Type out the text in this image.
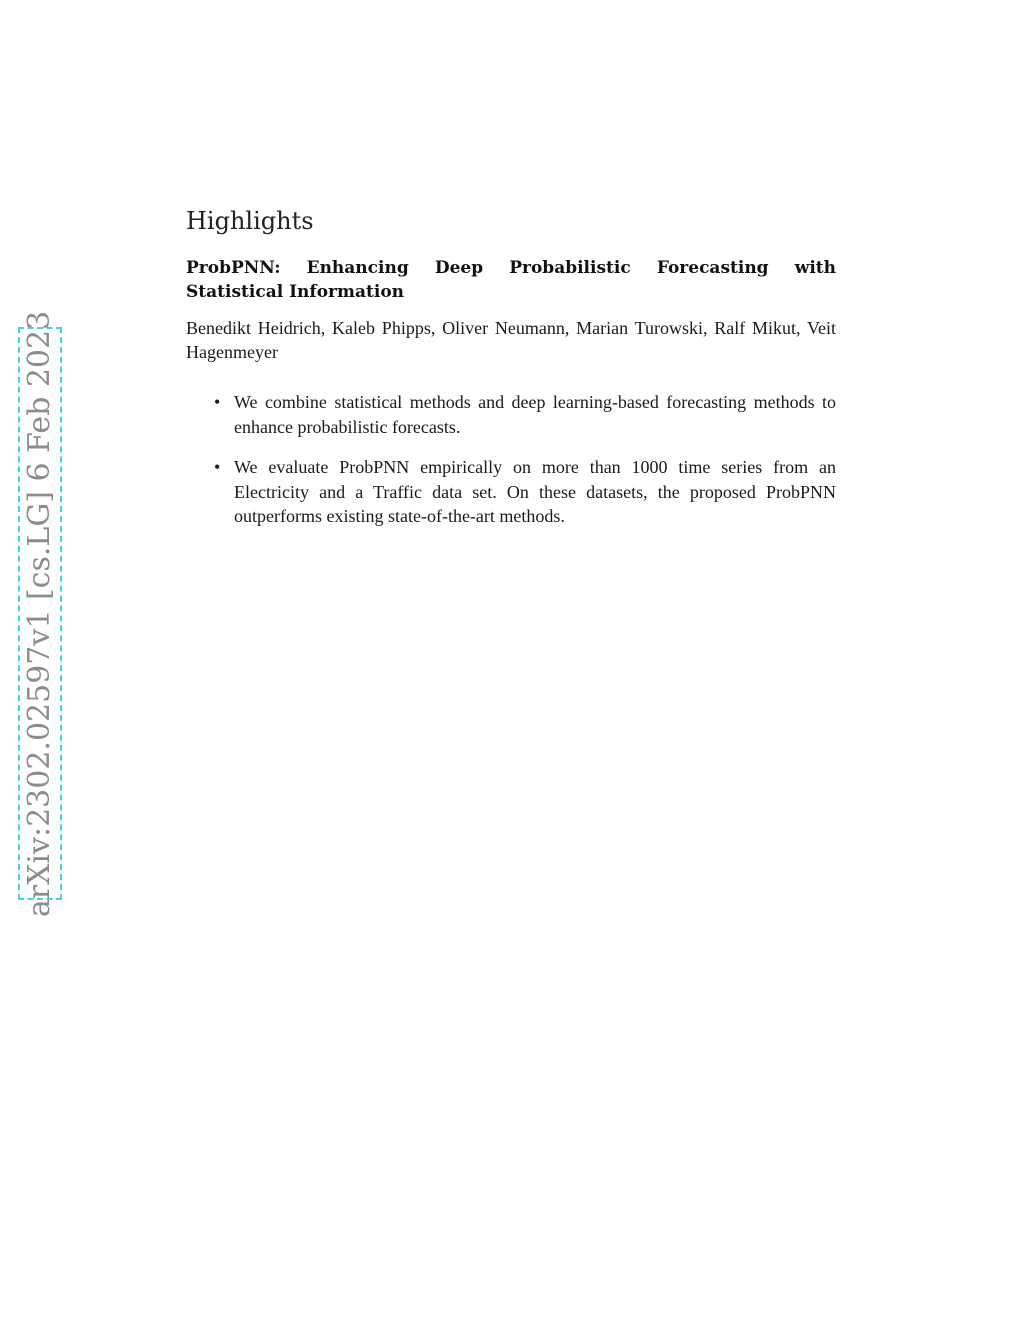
arXiv:2302.02597v1 [cs.LG] 6 Feb 2023
Highlights
ProbPNN: Enhancing Deep Probabilistic Forecasting with Statistical Information
Benedikt Heidrich, Kaleb Phipps, Oliver Neumann, Marian Turowski, Ralf Mikut, Veit Hagenmeyer
• We combine statistical methods and deep learning-based forecasting methods to enhance probabilistic forecasts.
• We evaluate ProbPNN empirically on more than 1000 time series from an Electricity and a Traffic data set. On these datasets, the proposed ProbPNN outperforms existing state-of-the-art methods.
